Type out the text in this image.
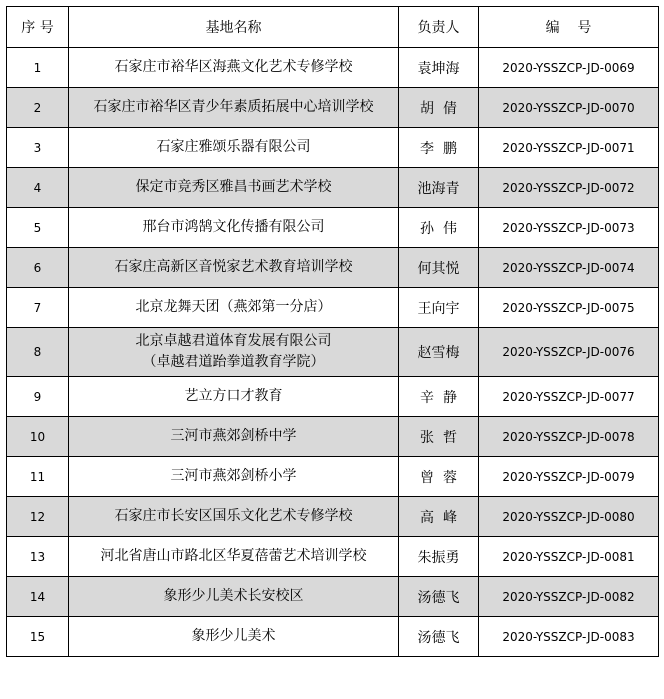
序 号	基地名称	负责人	编    号
1	石家庄市裕华区海燕文化艺术专修学校	袁坤海	2020-YSSZCP-JD-0069
2	石家庄市裕华区青少年素质拓展中心培训学校	胡  倩	2020-YSSZCP-JD-0070
3	石家庄雅颂乐器有限公司	李  鹏	2020-YSSZCP-JD-0071
4	保定市竞秀区雅昌书画艺术学校	池海青	2020-YSSZCP-JD-0072
5	邢台市鸿鹄文化传播有限公司	孙  伟	2020-YSSZCP-JD-0073
6	石家庄高新区音悦家艺术教育培训学校	何其悦	2020-YSSZCP-JD-0074
7	北京龙舞天团（燕郊第一分店）	王向宇	2020-YSSZCP-JD-0075
8	北京卓越君道体育发展有限公司
（卓越君道跆拳道教育学院）	赵雪梅	2020-YSSZCP-JD-0076
9	艺立方口才教育	辛  静	2020-YSSZCP-JD-0077
10	三河市燕郊剑桥中学	张  哲	2020-YSSZCP-JD-0078
11	三河市燕郊剑桥小学	曾  蓉	2020-YSSZCP-JD-0079
12	石家庄市长安区国乐文化艺术专修学校	高  峰	2020-YSSZCP-JD-0080
13	河北省唐山市路北区华夏蓓蕾艺术培训学校	朱振勇	2020-YSSZCP-JD-0081
14	象形少儿美术长安校区	汤德飞	2020-YSSZCP-JD-0082
15	象形少儿美术	汤德飞	2020-YSSZCP-JD-0083
